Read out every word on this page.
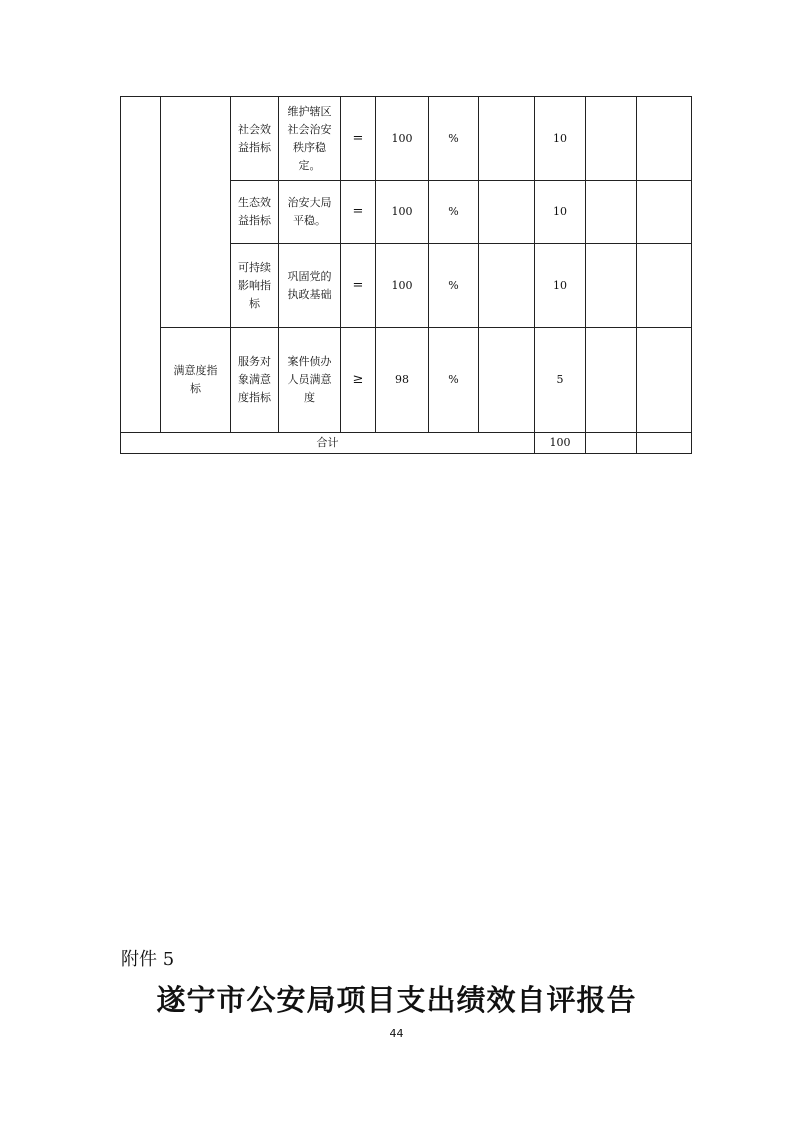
		社会效益指标	维护辖区社会治安秩序稳定。	=	100	%		10		
		生态效益指标	治安大局平稳。	=	100	%		10		
		可持续影响指标	巩固党的执政基础	=	100	%		10		
	满意度指标	服务对象满意度指标	案件侦办人员满意度	≥	98	%		5		
合计								100		
附件 5
遂宁市公安局项目支出绩效自评报告
44
